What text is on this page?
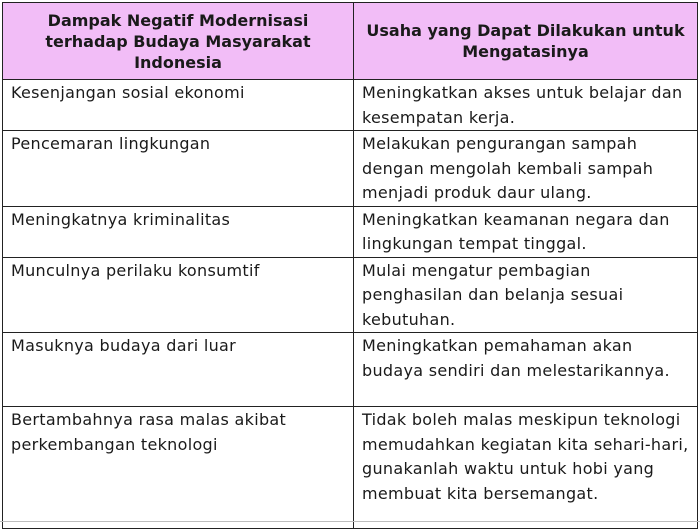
Dampak Negatif Modernisasi terhadap Budaya Masyarakat Indonesia	Usaha yang Dapat Dilakukan untuk Mengatasinya
Kesenjangan sosial ekonomi	Meningkatkan akses untuk belajar dan kesempatan kerja.
Pencemaran lingkungan	Melakukan pengurangan sampah dengan mengolah kembali sampah menjadi produk daur ulang.
Meningkatnya kriminalitas	Meningkatkan keamanan negara dan lingkungan tempat tinggal.
Munculnya perilaku konsumtif	Mulai mengatur pembagian penghasilan dan belanja sesuai kebutuhan.
Masuknya budaya dari luar	Meningkatkan pemahaman akan budaya sendiri dan melestarikannya.
Bertambahnya rasa malas akibat perkembangan teknologi	Tidak boleh malas meskipun teknologi memudahkan kegiatan kita sehari-hari, gunakanlah waktu untuk hobi yang membuat kita bersemangat.
